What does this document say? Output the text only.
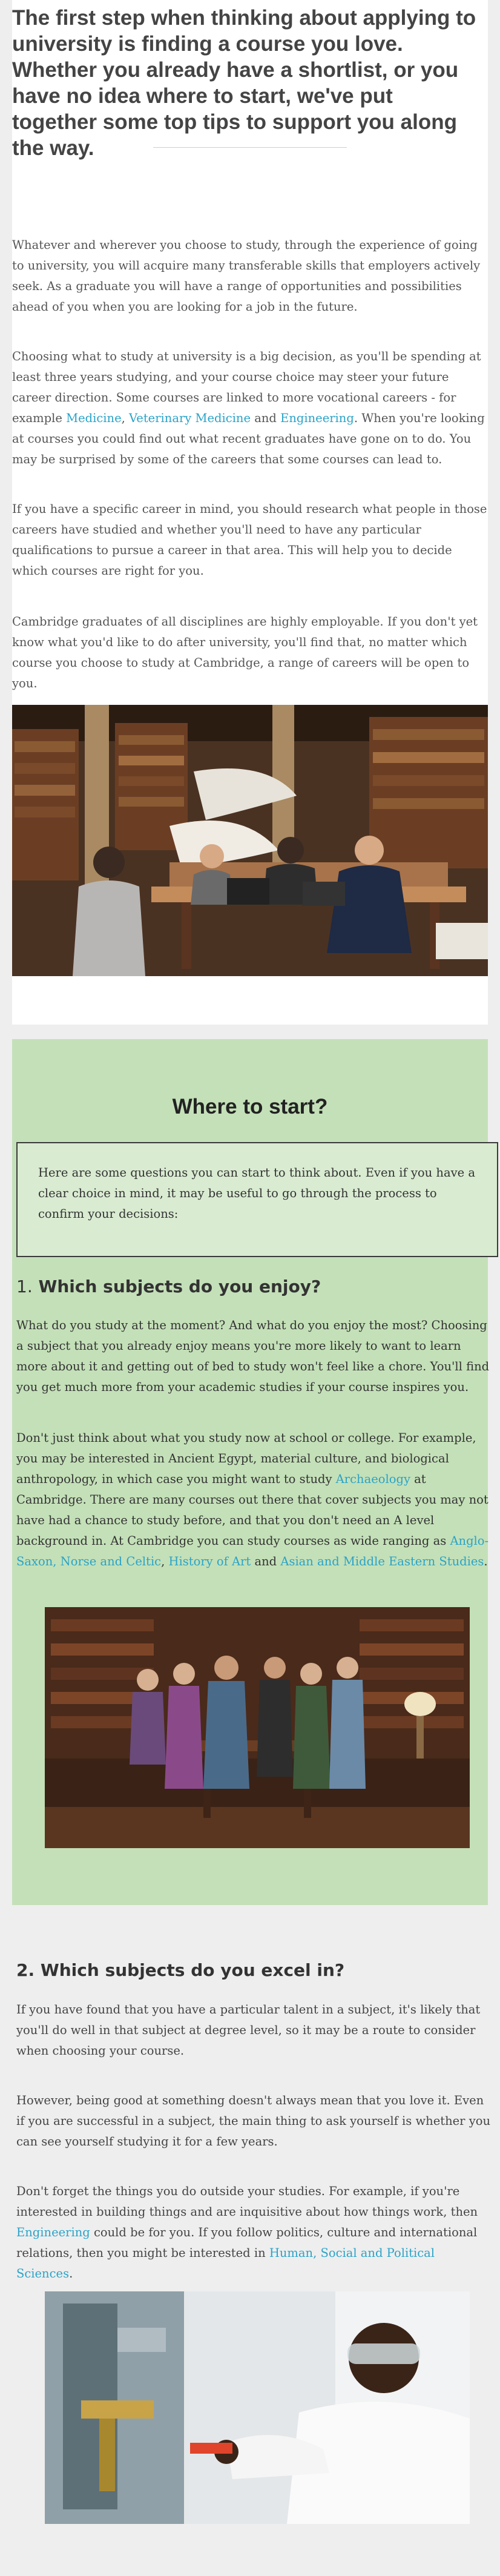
The first step when thinking about applying to university is finding a course you love. Whether you already have a shortlist, or you have no idea where to start, we've put together some top tips to support you along the way.

Whatever and wherever you choose to study, through the experience of going to university, you will acquire many transferable skills that employers actively seek. As a graduate you will have a range of opportunities and possibilities ahead of you when you are looking for a job in the future.

Choosing what to study at university is a big decision, as you'll be spending at least three years studying, and your course choice may steer your future career direction. Some courses are linked to more vocational careers - for example Medicine, Veterinary Medicine and Engineering. When you're looking at courses you could find out what recent graduates have gone on to do. You may be surprised by some of the careers that some courses can lead to.

If you have a specific career in mind, you should research what people in those careers have studied and whether you'll need to have any particular qualifications to pursue a career in that area. This will help you to decide which courses are right for you.

Cambridge graduates of all disciplines are highly employable. If you don't yet know what you'd like to do after university, you'll find that, no matter which course you choose to study at Cambridge, a range of careers will be open to you.

Where to start?

Here are some questions you can start to think about. Even if you have a clear choice in mind, it may be useful to go through the process to confirm your decisions:

1. Which subjects do you enjoy?

What do you study at the moment? And what do you enjoy the most? Choosing a subject that you already enjoy means you're more likely to want to learn more about it and getting out of bed to study won't feel like a chore. You'll find you get much more from your academic studies if your course inspires you.

Don't just think about what you study now at school or college. For example, you may be interested in Ancient Egypt, material culture, and biological anthropology, in which case you might want to study Archaeology at Cambridge. There are many courses out there that cover subjects you may not have had a chance to study before, and that you don't need an A level background in. At Cambridge you can study courses as wide ranging as Anglo-Saxon, Norse and Celtic, History of Art and Asian and Middle Eastern Studies.

2. Which subjects do you excel in?

If you have found that you have a particular talent in a subject, it's likely that you'll do well in that subject at degree level, so it may be a route to consider when choosing your course.

However, being good at something doesn't always mean that you love it. Even if you are successful in a subject, the main thing to ask yourself is whether you can see yourself studying it for a few years.

Don't forget the things you do outside your studies. For example, if you're interested in building things and are inquisitive about how things work, then Engineering could be for you. If you follow politics, culture and international relations, then you might be interested in Human, Social and Political Sciences.
